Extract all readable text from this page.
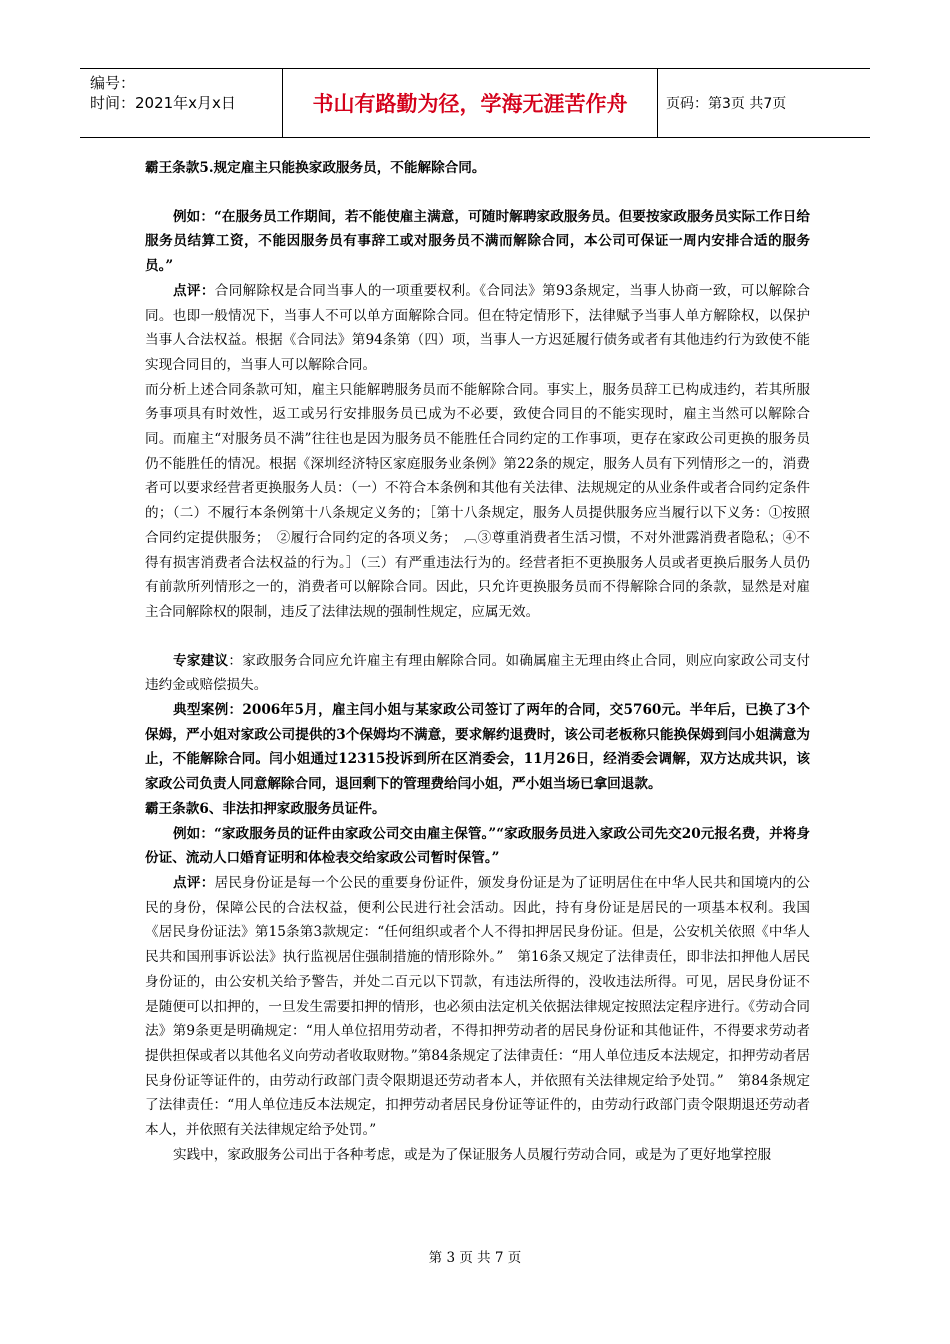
编号：
时间：2021年x月x日	书山有路勤为径，学海无涯苦作舟	页码：第3页 共7页

霸王条款5.规定雇主只能换家政服务员，不能解除合同。

例如：“在服务员工作期间，若不能使雇主满意，可随时解聘家政服务员。但要按家政服务员实际工作日给服务员结算工资，不能因服务员有事辞工或对服务员不满而解除合同，本公司可保证一周内安排合适的服务员。”

点评：合同解除权是合同当事人的一项重要权利。《合同法》第93条规定，当事人协商一致，可以解除合同。也即一般情况下，当事人不可以单方面解除合同。但在特定情形下，法律赋予当事人单方解除权，以保护当事人合法权益。根据《合同法》第94条第（四）项，当事人一方迟延履行债务或者有其他违约行为致使不能实现合同目的，当事人可以解除合同。

而分析上述合同条款可知，雇主只能解聘服务员而不能解除合同。事实上，服务员辞工已构成违约，若其所服务事项具有时效性，返工或另行安排服务员已成为不必要，致使合同目的不能实现时，雇主当然可以解除合同。而雇主“对服务员不满”往往也是因为服务员不能胜任合同约定的工作事项，更存在家政公司更换的服务员仍不能胜任的情况。根据《深圳经济特区家庭服务业条例》第22条的规定，服务人员有下列情形之一的，消费者可以要求经营者更换服务人员：（一）不符合本条例和其他有关法律、法规规定的从业条件或者合同约定条件的；（二）不履行本条例第十八条规定义务的；［第十八条规定，服务人员提供服务应当履行以下义务：①按照合同约定提供服务；　②履行合同约定的各项义务；　︹③尊重消费者生活习惯，不对外泄露消费者隐私；④不得有损害消费者合法权益的行为。］（三）有严重违法行为的。经营者拒不更换服务人员或者更换后服务人员仍有前款所列情形之一的，消费者可以解除合同。因此，只允许更换服务员而不得解除合同的条款，显然是对雇主合同解除权的限制，违反了法律法规的强制性规定，应属无效。

专家建议：家政服务合同应允许雇主有理由解除合同。如确属雇主无理由终止合同，则应向家政公司支付违约金或赔偿损失。

典型案例：2006年5月，雇主闫小姐与某家政公司签订了两年的合同，交5760元。半年后，已换了3个保姆，严小姐对家政公司提供的3个保姆均不满意，要求解约退费时，该公司老板称只能换保姆到闫小姐满意为止，不能解除合同。闫小姐通过12315投诉到所在区消委会，11月26日，经消委会调解，双方达成共识，该家政公司负责人同意解除合同，退回剩下的管理费给闫小姐，严小姐当场已拿回退款。

霸王条款6、非法扣押家政服务员证件。

例如：“家政服务员的证件由家政公司交由雇主保管。”“家政服务员进入家政公司先交20元报名费，并将身份证、流动人口婚育证明和体检表交给家政公司暂时保管。”

点评：居民身份证是每一个公民的重要身份证件，颁发身份证是为了证明居住在中华人民共和国境内的公民的身份，保障公民的合法权益，便利公民进行社会活动。因此，持有身份证是居民的一项基本权利。我国《居民身份证法》第15条第3款规定：“任何组织或者个人不得扣押居民身份证。但是，公安机关依照《中华人民共和国刑事诉讼法》执行监视居住强制措施的情形除外。”　第16条又规定了法律责任，即非法扣押他人居民身份证的，由公安机关给予警告，并处二百元以下罚款，有违法所得的，没收违法所得。可见，居民身份证不是随便可以扣押的，一旦发生需要扣押的情形，也必须由法定机关依据法律规定按照法定程序进行。《劳动合同法》第9条更是明确规定：“用人单位招用劳动者，不得扣押劳动者的居民身份证和其他证件，不得要求劳动者提供担保或者以其他名义向劳动者收取财物。”第84条规定了法律责任：“用人单位违反本法规定，扣押劳动者居民身份证等证件的，由劳动行政部门责令限期退还劳动者本人，并依照有关法律规定给予处罚。”　第84条规定了法律责任：“用人单位违反本法规定，扣押劳动者居民身份证等证件的，由劳动行政部门责令限期退还劳动者本人，并依照有关法律规定给予处罚。”

实践中，家政服务公司出于各种考虑，或是为了保证服务人员履行劳动合同，或是为了更好地掌控服

第 3 页 共 7 页
